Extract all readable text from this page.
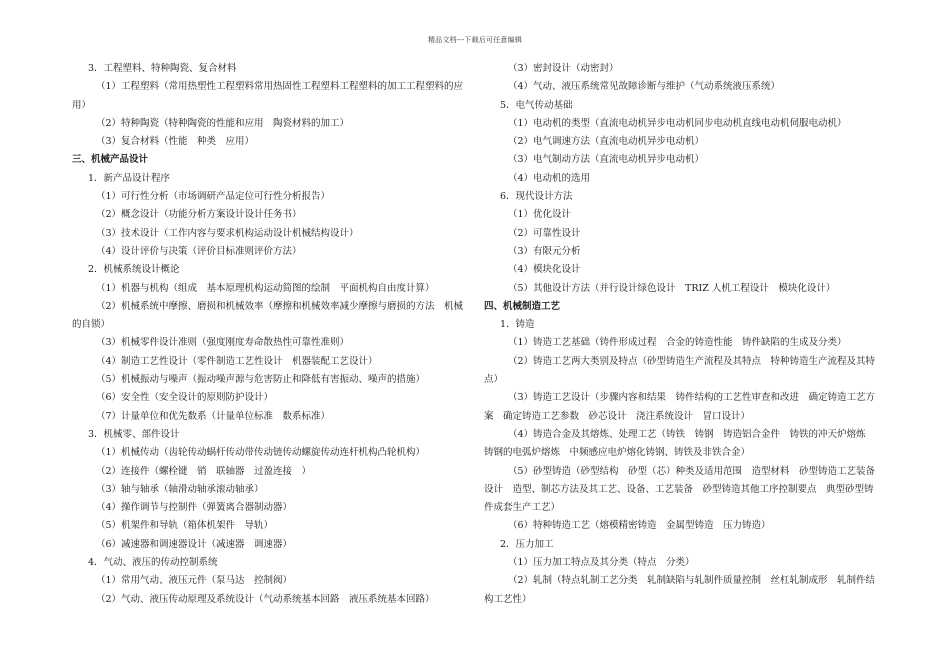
精品文档---下载后可任意编辑
3．工程塑料、特种陶瓷、复合材料
（1）工程塑料（常用热塑性工程塑料常用热固性工程塑料工程塑料的加工工程塑料的应
用）
（2）特种陶瓷（特种陶瓷的性能和应用　陶瓷材料的加工）
（3）复合材料（性能　种类　应用）
三、机械产品设计
1．新产品设计程序
（1）可行性分析（市场调研产品定位可行性分析报告）
（2）概念设计（功能分析方案设计设计任务书）
（3）技术设计（工作内容与要求机构运动设计机械结构设计）
（4）设计评价与决策（评价目标准则评价方法）
2．机械系统设计概论
（1）机器与机构（组成　基本原理机构运动简图的绘制　平面机构自由度计算）
（2）机械系统中摩擦、磨损和机械效率（摩擦和机械效率减少摩擦与磨损的方法　机械
的自锁）
（3）机械零件设计准则（强度刚度寿命散热性可靠性准则）
（4）制造工艺性设计（零件制造工艺性设计　机器装配工艺设计）
（5）机械振动与噪声（振动噪声源与危害防止和降低有害振动、噪声的措施）
（6）安全性（安全设计的原则防护设计）
（7）计量单位和优先数系（计量单位标准　数系标准）
3．机械零、部件设计
（1）机械传动（齿轮传动蜗杆传动带传动链传动螺旋传动连杆机构凸轮机构）
（2）连接件（螺栓键　销　联轴器　过盈连接　）
（3）轴与轴承（轴滑动轴承滚动轴承）
（4）操作调节与控制件（弹簧离合器制动器）
（5）机架件和导轨（箱体机架件　导轨）
（6）减速器和调速器设计（减速器　调速器）
4．气动、液压的传动控制系统
（1）常用气动、液压元件（泵马达　控制阀）
（2）气动、液压传动原理及系统设计（气动系统基本回路　液压系统基本回路）
（3）密封设计（动密封）
（4）气动、液压系统常见故障诊断与维护（气动系统液压系统）
5．电气传动基础
（1）电动机的类型（直流电动机异步电动机同步电动机直线电动机伺服电动机）
（2）电气调速方法（直流电动机异步电动机）
（3）电气制动方法（直流电动机异步电动机）
（4）电动机的选用
6．现代设计方法
（1）优化设计
（2）可靠性设计
（3）有限元分析
（4）模块化设计
（5）其他设计方法（并行设计绿色设计　TRIZ 人机工程设计　模块化设计）
四、机械制造工艺
1．铸造
（1）铸造工艺基础（铸件形成过程　合金的铸造性能　铸件缺陷的生成及分类）
（2）铸造工艺两大类别及特点（砂型铸造生产流程及其特点　特种铸造生产流程及其特
点）
（3）铸造工艺设计（步骤内容和结果　铸件结构的工艺性审查和改进　确定铸造工艺方
案　确定铸造工艺参数　砂芯设计　浇注系统设计　冒口设计）
（4）铸造合金及其熔炼、处理工艺（铸铁　铸钢　铸造铝合金件　铸铁的冲天炉熔炼
铸钢的电弧炉熔炼　中频感应电炉熔化铸钢、铸铁及非铁合金）
（5）砂型铸造（砂型结构　砂型（芯）种类及适用范围　造型材料　砂型铸造工艺装备
设计　造型、制芯方法及其工艺、设备、工艺装备　砂型铸造其他工序控制要点　典型砂型铸
件成套生产工艺）
（6）特种铸造工艺（熔模精密铸造　金属型铸造　压力铸造）
2．压力加工
（1）压力加工特点及其分类（特点　分类）
（2）轧制（特点轧制工艺分类　轧制缺陷与轧制件质量控制　丝杠轧制成形　轧制件结
构工艺性）
